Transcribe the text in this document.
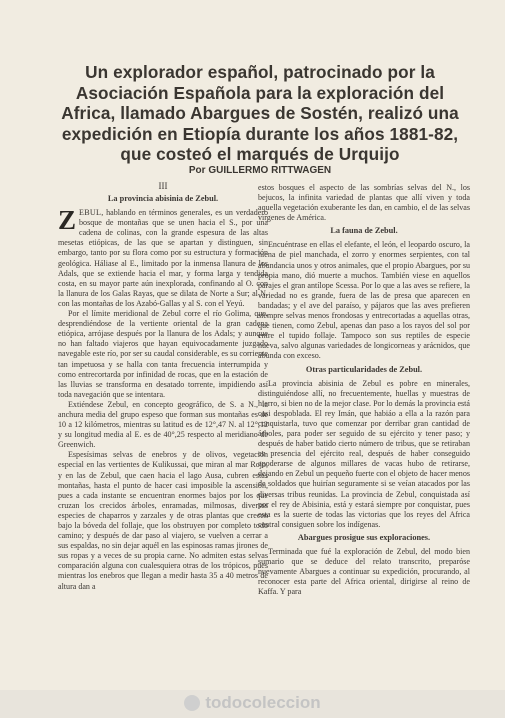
Un explorador español, patrocinado por la Asociación Española para la exploración del Africa, llamado Abargues de Sostén, realizó una expedición en Etiopía durante los años 1881-82, que costeó el marqués de Urquijo
Por GUILLERMO RITTWAGEN
III
La provincia abisinia de Zebul.

ZEBUL, hablando en términos generales, es un verdadero bosque de montañas que se unen hacia el S., por una cadena de colinas, con la grande espesura de las altas mesetas etiópicas, de las que se apartan y distinguen, sin embargo, tanto por su flora como por su estructura y formación geológica. Háliase al E., limitado por la inmensa llanura de los Adals, que se extiende hacia el mar, y forma larga y tendida costa, en su mayor parte aún inexplorada, confinando al O. con la llanura de los Galas Rayas, que se dilata de Norte a Sur; al N. con las montañas de los Azabó-Gallas y al S. con el Yeyú.

Por el límite meridional de Zebul corre el río Golima, que, desprendiéndose de la vertiente oriental de la gran cadena etiópica, arrójase después por la llanura de los Adals; y aunque no han faltado viajeros que hayan equivocadamente juzgado navegable este río, por ser su caudal considerable, es su corriente tan impetuosa y se halla con tanta frecuencia interrumpida y como entrecortarda por infinidad de rocas, que en la estación de las lluvias se transforma en desatado torrente, impidiendo así toda navegación que se intentara.

Extiéndese Zebul, en concepto geográfico, de S. a N., la anchura media del grupo espeso que forman sus montañas es de 10 a 12 kilómetros, mientras su latitud es de 12°,47 N. al 12°,12 y su longitud media al E. es de 40°,25 respecto al meridiano de Greenwich.

Espesísimas selvas de enebros y de olivos, vegetación especial en las vertientes de Kulikussai, que miran al mar Rojo, y en las de Zebul, que caen hacia el lago Ausa, cubren estas montañas, hasta el punto de hacer casi imposible la ascensión, pues a cada instante se encuentran enormes bajos por los que cruzan los crecidos árboles, enramadas, milmosas, diversas especies de chaparros y zarzales y de otras plantas que crecen bajo la bóveda del follaje, que los obstruyen por completo todo camino; y después de dar paso al viajero, se vuelven a cerrar a sus espaldas, no sin dejar aquél en las espinosas ramas jirones de sus ropas y a veces de su propia carne. No admiten estas selvas comparación alguna con cualesquiera otras de los trópicos, pues mientras los enebros que llegan a medir hasta 35 a 40 metros de altura dan a

estos bosques el aspecto de las sombrías selvas del N., los bejucos, la infinita variedad de plantas que allí viven y toda aquella vegetación exuberante les dan, en cambio, el de las selvas vírgenes de América.

La fauna de Zebul.

Encuéntrase en ellas el elefante, el león, el leopardo oscuro, la hiena de piel manchada, el zorro y enormes serpientes, con tal abundancia unos y otros animales, que el propio Abargues, por su propia mano, dió muerte a muchos. También viese en aquellos parajes el gran antílope Scessa. Por lo que a las aves se refiere, la variedad no es grande, fuera de las de presa que aparecen en bandadas; y el ave del paraíso, y pájaros que las aves prefieren siempre selvas menos frondosas y entrecortadas a aquellas otras, que tienen, como Zebul, apenas dan paso a los rayos del sol por entre el tupido follaje. Tampoco son sus reptiles de especie nueva, salvo algunas variedades de longicorneas y arácnidos, que abunda con exceso.

Otras particularidades de Zebul.

La provincia abisinia de Zebul es pobre en minerales, distinguiéndose allí, no frecuentemente, huellas y muestras de hierro, si bien no de la mejor clase. Por lo demás la provincia está casi despoblada. El rey Imán, que habiáo a ella a la razón para conquistarla, tuvo que comenzar por derribar gran cantidad de árboles, para poder ser seguido de su ejército y tener paso; y después de haber batido cierto número de tribus, que se retiraban en presencia del ejército real, después de haber conseguido apoderarse de algunos millares de vacas hubo de retirarse, dejando en Zebul un pequeño fuerte con el objeto de hacer menos de soldados que huirían seguramente si se veían atacados por las diversas tribus reunidas. La provincia de Zebul, conquistada así por el rey de Abisinia, está y estará siempre por conquistar, pues esta es la suerte de todas las victorias que los reyes del Africa central consiguen sobre los indígenas.

Abargues prosigue sus exploraciones.

Terminada que fué la exploración de Zebul, del modo bien sumario que se deduce del relato transcrito, preparóse nuevamente Abargues a continuar su expedición, procurando, al reconocer esta parte del Africa oriental, dirigirse al reino de Kaffa. Y para

todocoleccion
